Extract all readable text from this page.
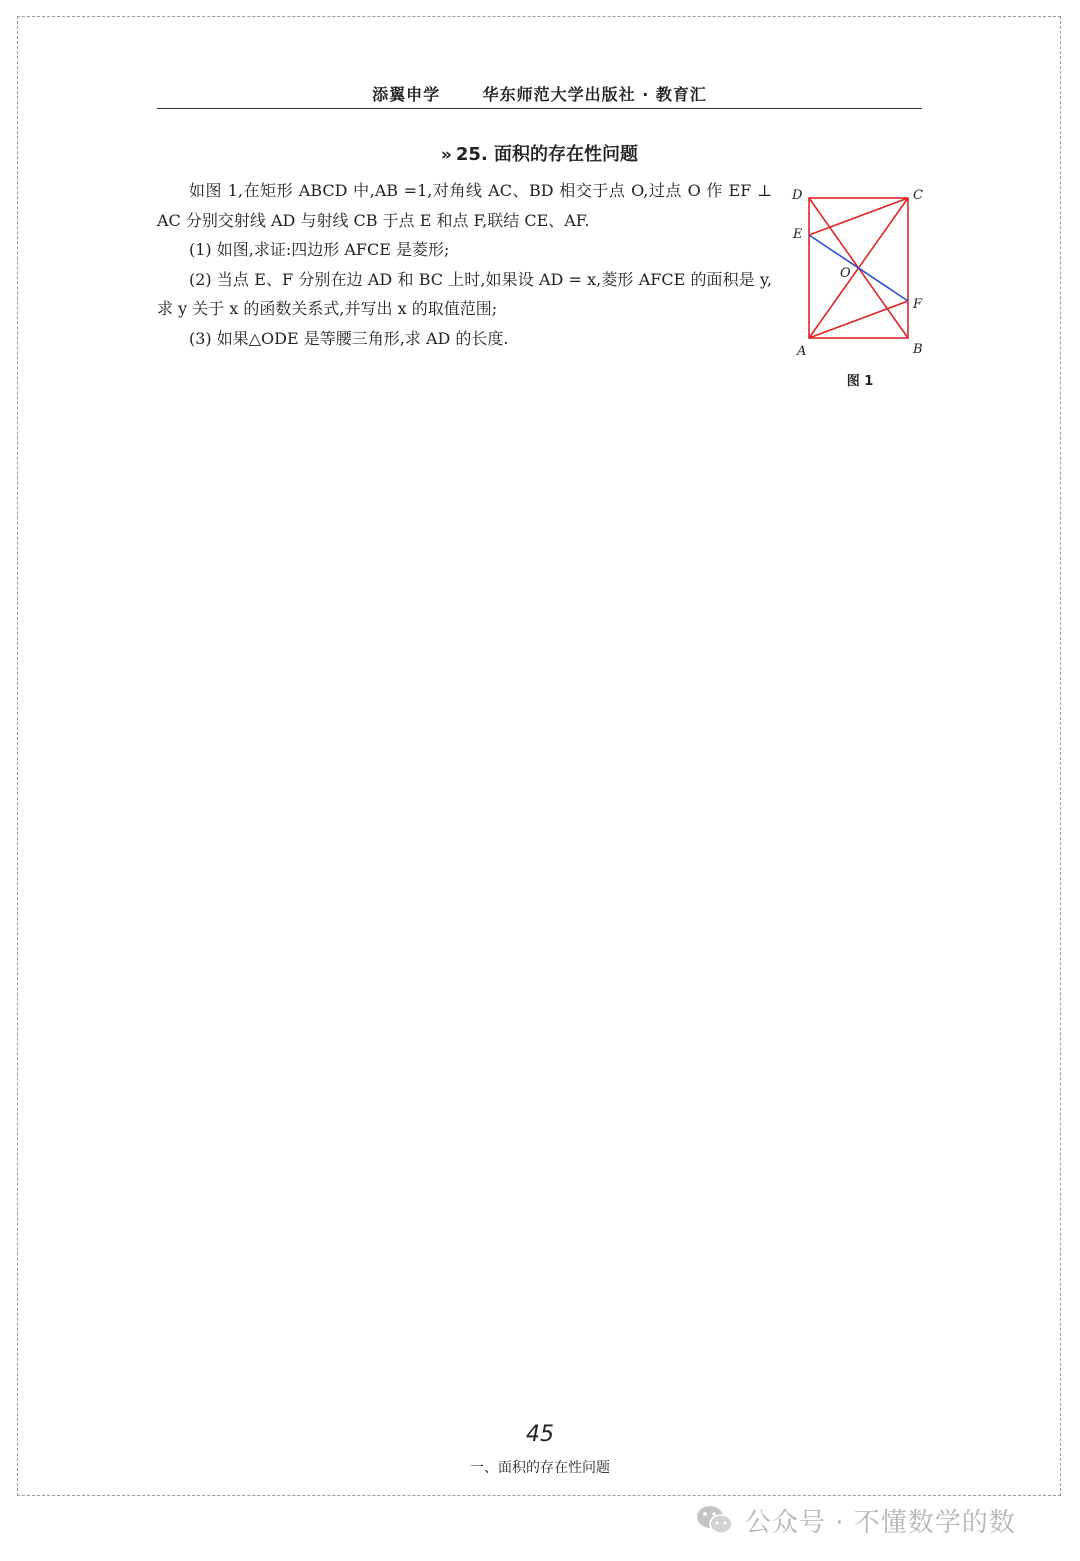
添翼申学	华东师范大学出版社 · 教育汇
» 25. 面积的存在性问题

如图 1,在矩形 ABCD 中,AB =1,对角线 AC、BD 相交于点 O,过点 O 作 EF ⊥ AC 分别交射线 AD 与射线 CB 于点 E 和点 F,联结 CE、AF.

(1) 如图,求证:四边形 AFCE 是菱形;

(2) 当点 E、F 分别在边 AD 和 BC 上时,如果设 AD = x,菱形 AFCE 的面积是 y,求 y 关于 x 的函数关系式,并写出 x 的取值范围;

(3) 如果△ODE 是等腰三角形,求 AD 的长度.

D	C
E
O
F
A	B
图 1
45
一、面积的存在性问题
公众号 · 不懂数学的数
